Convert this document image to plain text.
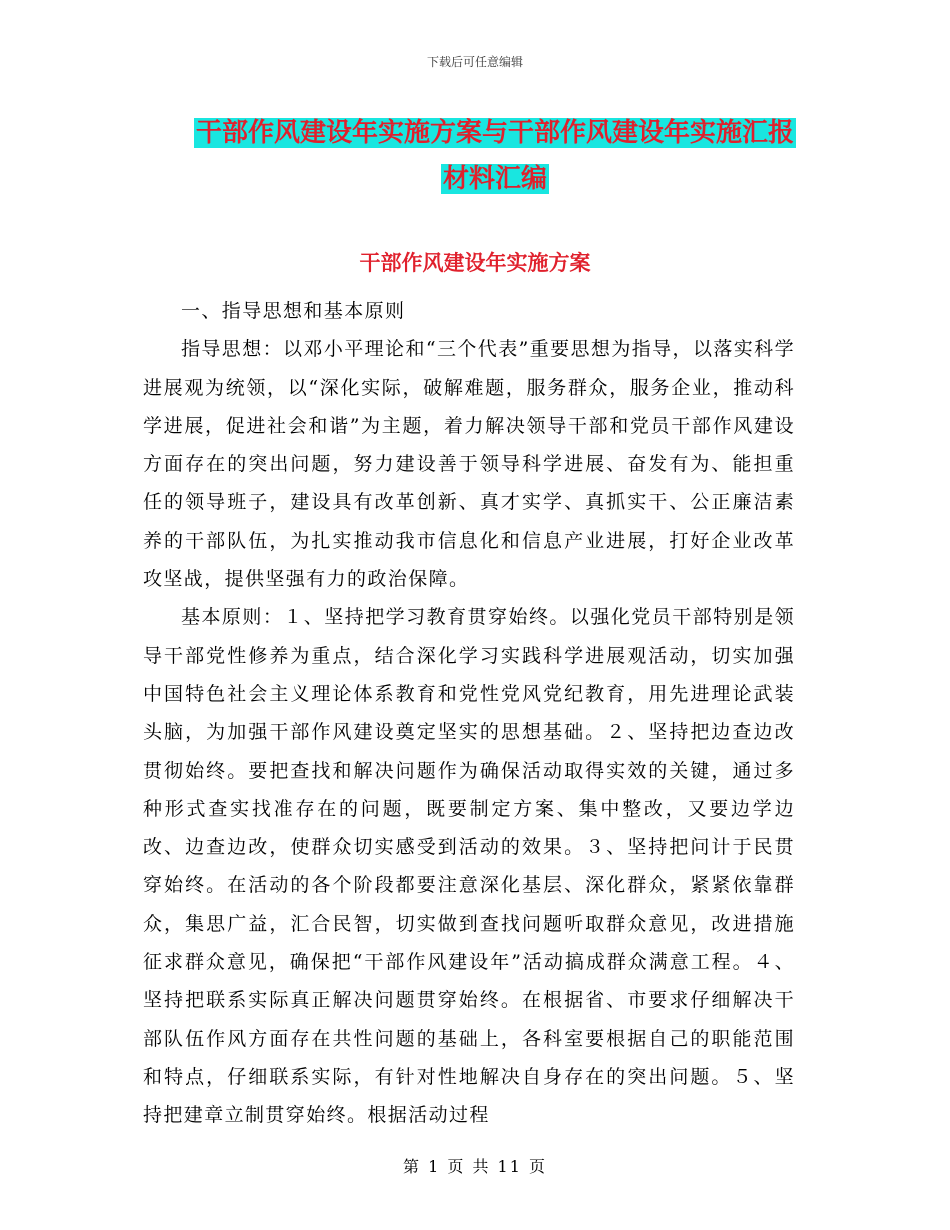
下载后可任意编辑
干部作风建设年实施方案与干部作风建设年实施汇报
材料汇编
干部作风建设年实施方案

一、指导思想和基本原则

指导思想：以邓小平理论和“三个代表”重要思想为指导，以落实科学进展观为统领，以“深化实际，破解难题，服务群众，服务企业，推动科学进展，促进社会和谐”为主题，着力解决领导干部和党员干部作风建设方面存在的突出问题，努力建设善于领导科学进展、奋发有为、能担重任的领导班子，建设具有改革创新、真才实学、真抓实干、公正廉洁素养的干部队伍，为扎实推动我市信息化和信息产业进展，打好企业改革攻坚战，提供坚强有力的政治保障。

基本原则：１、坚持把学习教育贯穿始终。以强化党员干部特别是领导干部党性修养为重点，结合深化学习实践科学进展观活动，切实加强中国特色社会主义理论体系教育和党性党风党纪教育，用先进理论武装头脑，为加强干部作风建设奠定坚实的思想基础。２、坚持把边查边改贯彻始终。要把查找和解决问题作为确保活动取得实效的关键，通过多种形式查实找准存在的问题，既要制定方案、集中整改，又要边学边改、边查边改，使群众切实感受到活动的效果。３、坚持把问计于民贯穿始终。在活动的各个阶段都要注意深化基层、深化群众，紧紧依靠群众，集思广益，汇合民智，切实做到查找问题听取群众意见，改进措施征求群众意见，确保把“干部作风建设年”活动搞成群众满意工程。４、坚持把联系实际真正解决问题贯穿始终。在根据省、市要求仔细解决干部队伍作风方面存在共性问题的基础上，各科室要根据自己的职能范围和特点，仔细联系实际，有针对性地解决自身存在的突出问题。５、坚持把建章立制贯穿始终。根据活动过程

第 1 页 共 11 页
